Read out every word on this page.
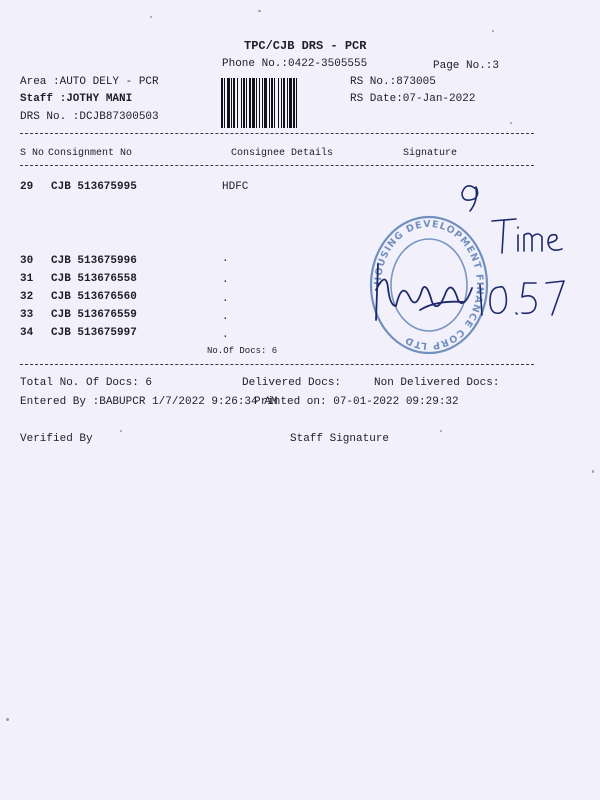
TPC/CJB DRS - PCR
Phone No.:0422-3505555	Page No.:3
Area :AUTO DELY - PCR
Staff :JOTHY MANI
DRS No. :DCJB87300503
RS No.:873005
RS Date:07-Jan-2022
S No Consignment No	Consignee Details	Signature
29 CJB 513675995	HDFC
30 CJB 513675996	.
31 CJB 513676558	.
32 CJB 513676560	.
33 CJB 513676559	.
34 CJB 513675997	.
No.Of Docs: 6
Total No. Of Docs: 6	Delivered Docs:	Non Delivered Docs:
Entered By :BABUPCR 1/7/2022 9:26:34 AM
Printed on: 07-01-2022 09:29:32
Verified By	Staff Signature
HOUSING DEVELOPMENT FINANCE CORP LTD
